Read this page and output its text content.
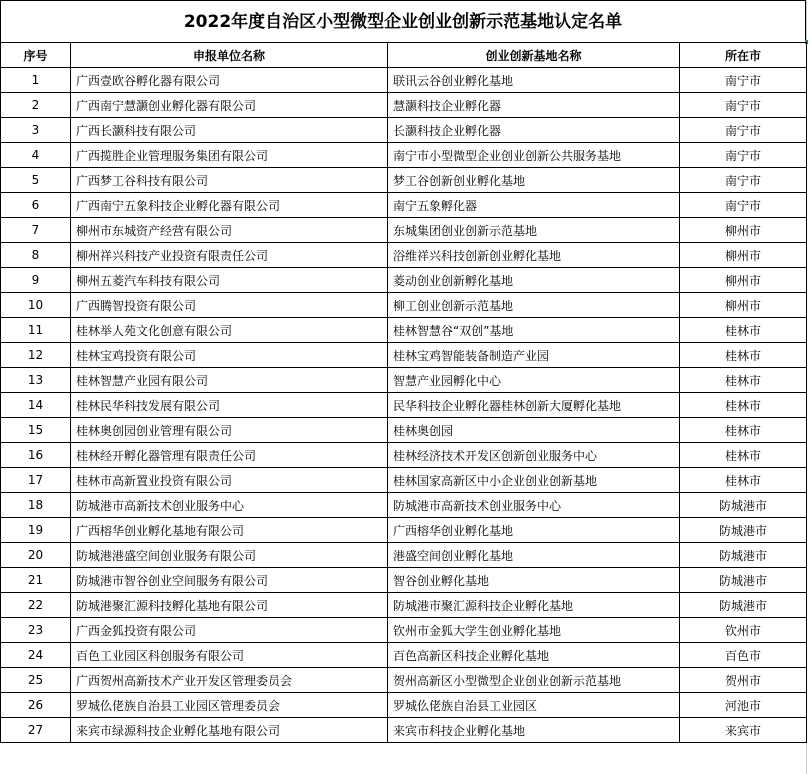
2022年度自治区小型微型企业创业创新示范基地认定名单
序号	申报单位名称	创业创新基地名称	所在市
1	广西壹欧谷孵化器有限公司	联讯云谷创业孵化基地	南宁市
2	广西南宁慧灏创业孵化器有限公司	慧灏科技企业孵化器	南宁市
3	广西长灏科技有限公司	长灏科技企业孵化器	南宁市
4	广西揽胜企业管理服务集团有限公司	南宁市小型微型企业创业创新公共服务基地	南宁市
5	广西梦工谷科技有限公司	梦工谷创新创业孵化基地	南宁市
6	广西南宁五象科技企业孵化器有限公司	南宁五象孵化器	南宁市
7	柳州市东城资产经营有限公司	东城集团创业创新示范基地	柳州市
8	柳州祥兴科技产业投资有限责任公司	浴维祥兴科技创新创业孵化基地	柳州市
9	柳州五菱汽车科技有限公司	菱动创业创新孵化基地	柳州市
10	广西腾智投资有限公司	柳工创业创新示范基地	柳州市
11	桂林举人苑文化创意有限公司	桂林智慧谷“双创”基地	桂林市
12	桂林宝鸡投资有限公司	桂林宝鸡智能装备制造产业园	桂林市
13	桂林智慧产业园有限公司	智慧产业园孵化中心	桂林市
14	桂林民华科技发展有限公司	民华科技企业孵化器桂林创新大厦孵化基地	桂林市
15	桂林奥创园创业管理有限公司	桂林奥创园	桂林市
16	桂林经开孵化器管理有限责任公司	桂林经济技术开发区创新创业服务中心	桂林市
17	桂林市高新置业投资有限公司	桂林国家高新区中小企业创业创新基地	桂林市
18	防城港市高新技术创业服务中心	防城港市高新技术创业服务中心	防城港市
19	广西榕华创业孵化基地有限公司	广西榕华创业孵化基地	防城港市
20	防城港港盛空间创业服务有限公司	港盛空间创业孵化基地	防城港市
21	防城港市智谷创业空间服务有限公司	智谷创业孵化基地	防城港市
22	防城港聚汇源科技孵化基地有限公司	防城港市聚汇源科技企业孵化基地	防城港市
23	广西金狐投资有限公司	钦州市金狐大学生创业孵化基地	钦州市
24	百色工业园区科创服务有限公司	百色高新区科技企业孵化基地	百色市
25	广西贺州高新技术产业开发区管理委员会	贺州高新区小型微型企业创业创新示范基地	贺州市
26	罗城仫佬族自治县工业园区管理委员会	罗城仫佬族自治县工业园区	河池市
27	来宾市绿源科技企业孵化基地有限公司	来宾市科技企业孵化基地	来宾市
